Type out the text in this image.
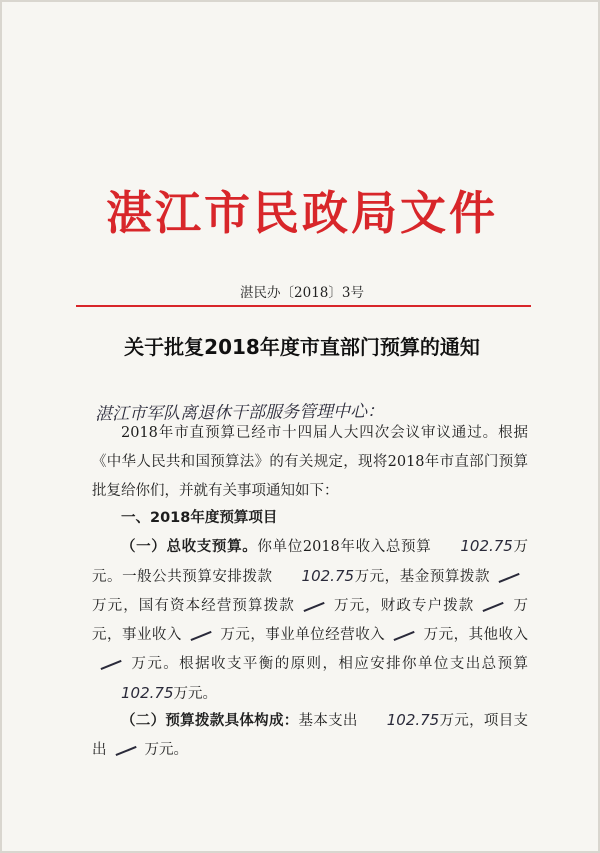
湛江市民政局文件
湛民办〔2018〕3号
关于批复2018年度市直部门预算的通知
湛江市军队离退休干部服务管理中心：
2018年市直预算已经市十四届人大四次会议审议通过。根据《中华人民共和国预算法》的有关规定，现将2018年市直部门预算批复给你们，并就有关事项通知如下：
一、2018年度预算项目
（一）总收支预算。你单位2018年收入总预算 102.75万元。一般公共预算安排拨款 102.75万元，基金预算拨款万元，国有资本经营预算拨款	万元，财政专户拨款	万元，事业收入	万元，事业单位经营收入	万元，其他收入万元。根据收支平衡的原则，相应安排你单位支出总预算102.75万元。
（二）预算拨款具体构成：基本支出 102.75万元，项目支出	万元。
